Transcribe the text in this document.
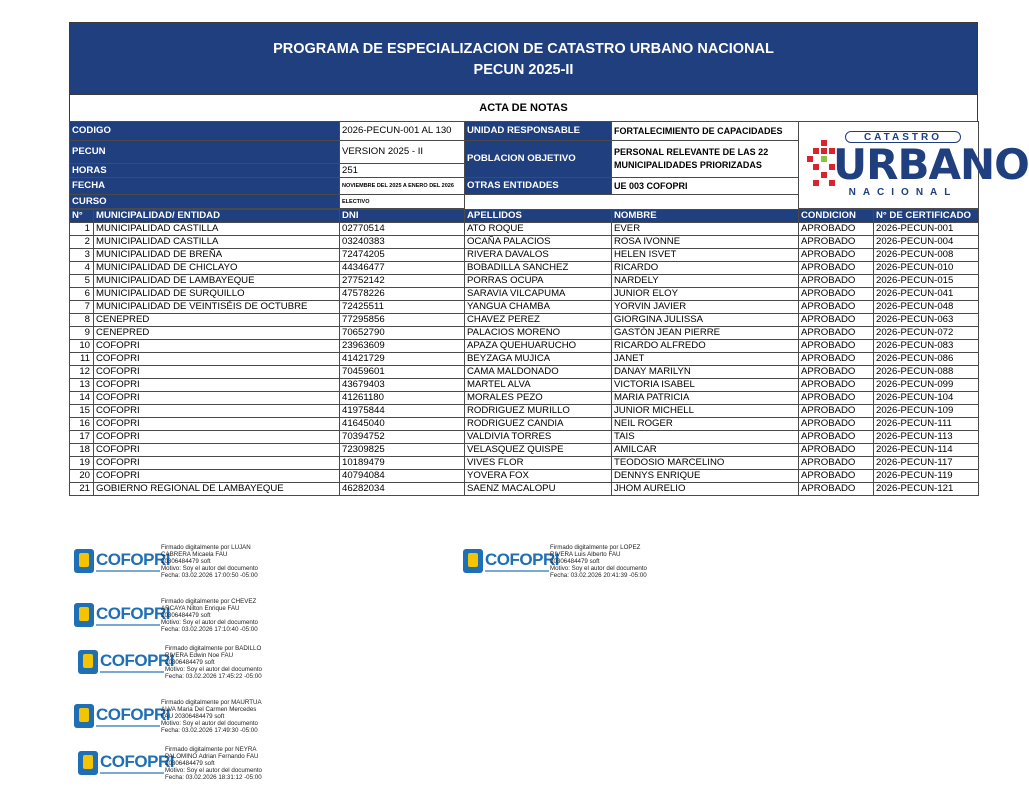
PROGRAMA DE ESPECIALIZACION DE CATASTRO URBANO NACIONAL
PECUN 2025-II
ACTA DE NOTAS
CODIGO	2026-PECUN-001 AL 130	UNIDAD RESPONSABLE	FORTALECIMIENTO DE CAPACIDADES	CATASTRO
URBANO
NACIONAL

PECUN	VERSION 2025 - II	POBLACION OBJETIVO	PERSONAL RELEVANTE DE LAS 22
MUNICIPALIDADES PRIORIZADAS	

HORAS	251			
FECHA	NOVIEMBRE DEL 2025 A ENERO DEL 2026	OTRAS ENTIDADES	UE 003 COFOPRI	
CURSO	ELECTIVO			
N°	MUNICIPALIDAD/ ENTIDAD	DNI	APELLIDOS	NOMBRE	CONDICION	N° DE CERTIFICADO
1	MUNICIPALIDAD CASTILLA	02770514	ATO ROQUE	EVER	APROBADO	2026-PECUN-001
2	MUNICIPALIDAD CASTILLA	03240383	OCAÑA PALACIOS	ROSA IVONNE	APROBADO	2026-PECUN-004
3	MUNICIPALIDAD DE BREÑA	72474205	RIVERA DAVALOS	HELEN ISVET	APROBADO	2026-PECUN-008
4	MUNICIPALIDAD DE CHICLAYO	44346477	BOBADILLA SANCHEZ	RICARDO	APROBADO	2026-PECUN-010
5	MUNICIPALIDAD DE LAMBAYEQUE	27752142	PORRAS OCUPA	NARDELY	APROBADO	2026-PECUN-015
6	MUNICIPALIDAD DE SURQUILLO	47578226	SARAVIA VILCAPUMA	JUNIOR ELOY	APROBADO	2026-PECUN-041
7	MUNICIPALIDAD DE VEINTISÉIS DE OCTUBRE	72425511	YANGUA CHAMBA	YORVIN JAVIER	APROBADO	2026-PECUN-048
8	CENEPRED	77295856	CHAVEZ PEREZ	GIORGINA JULISSA	APROBADO	2026-PECUN-063
9	CENEPRED	70652790	PALACIOS MORENO	GASTÓN JEAN PIERRE	APROBADO	2026-PECUN-072
10	COFOPRI	23963609	APAZA QUEHUARUCHO	RICARDO ALFREDO	APROBADO	2026-PECUN-083
11	COFOPRI	41421729	BEYZAGA MUJICA	JANET	APROBADO	2026-PECUN-086
12	COFOPRI	70459601	CAMA MALDONADO	DANAY MARILYN	APROBADO	2026-PECUN-088
13	COFOPRI	43679403	MARTEL ALVA	VICTORIA ISABEL	APROBADO	2026-PECUN-099
14	COFOPRI	41261180	MORALES PEZO	MARIA PATRICIA	APROBADO	2026-PECUN-104
15	COFOPRI	41975844	RODRIGUEZ MURILLO	JUNIOR MICHELL	APROBADO	2026-PECUN-109
16	COFOPRI	41645040	RODRIGUEZ CANDIA	NEIL ROGER	APROBADO	2026-PECUN-111
17	COFOPRI	70394752	VALDIVIA TORRES	TAIS	APROBADO	2026-PECUN-113
18	COFOPRI	72309825	VELASQUEZ QUISPE	AMILCAR	APROBADO	2026-PECUN-114
19	COFOPRI	10189479	VIVES FLOR	TEODOSIO MARCELINO	APROBADO	2026-PECUN-117
20	COFOPRI	40794084	YOVERA FOX	DENNYS ENRIQUE	APROBADO	2026-PECUN-119
21	GOBIERNO REGIONAL DE LAMBAYEQUE	46282034	SAENZ MACALOPU	JHOM AURELIO	APROBADO	2026-PECUN-121
COFOPRI
Firmado digitalmente por LUJAN
CABRERA Micaela FAU
20306484479 soft
Motivo: Soy el autor del documento
Fecha: 03.02.2026 17:00:50 -05:00
COFOPRI
Firmado digitalmente por LOPEZ
RIVERA Luis Alberto FAU
20306484479 soft
Motivo: Soy el autor del documento
Fecha: 03.02.2026 20:41:39 -05:00
COFOPRI
Firmado digitalmente por CHEVEZ
ARCAYA Nilton Enrique FAU
20306484479 soft
Motivo: Soy el autor del documento
Fecha: 03.02.2026 17:10:40 -05:00
COFOPRI
Firmado digitalmente por BADILLO
RIVERA Edwin Noe FAU
20306484479 soft
Motivo: Soy el autor del documento
Fecha: 03.02.2026 17:45:22 -05:00
COFOPRI
Firmado digitalmente por MAURTUA
ALVA Maria Del Carmen Mercedes
FAU 20306484479 soft
Motivo: Soy el autor del documento
Fecha: 03.02.2026 17:49:30 -05:00
COFOPRI
Firmado digitalmente por NEYRA
PALOMINO Adrian Fernando FAU
20306484479 soft
Motivo: Soy el autor del documento
Fecha: 03.02.2026 18:31:12 -05:00
